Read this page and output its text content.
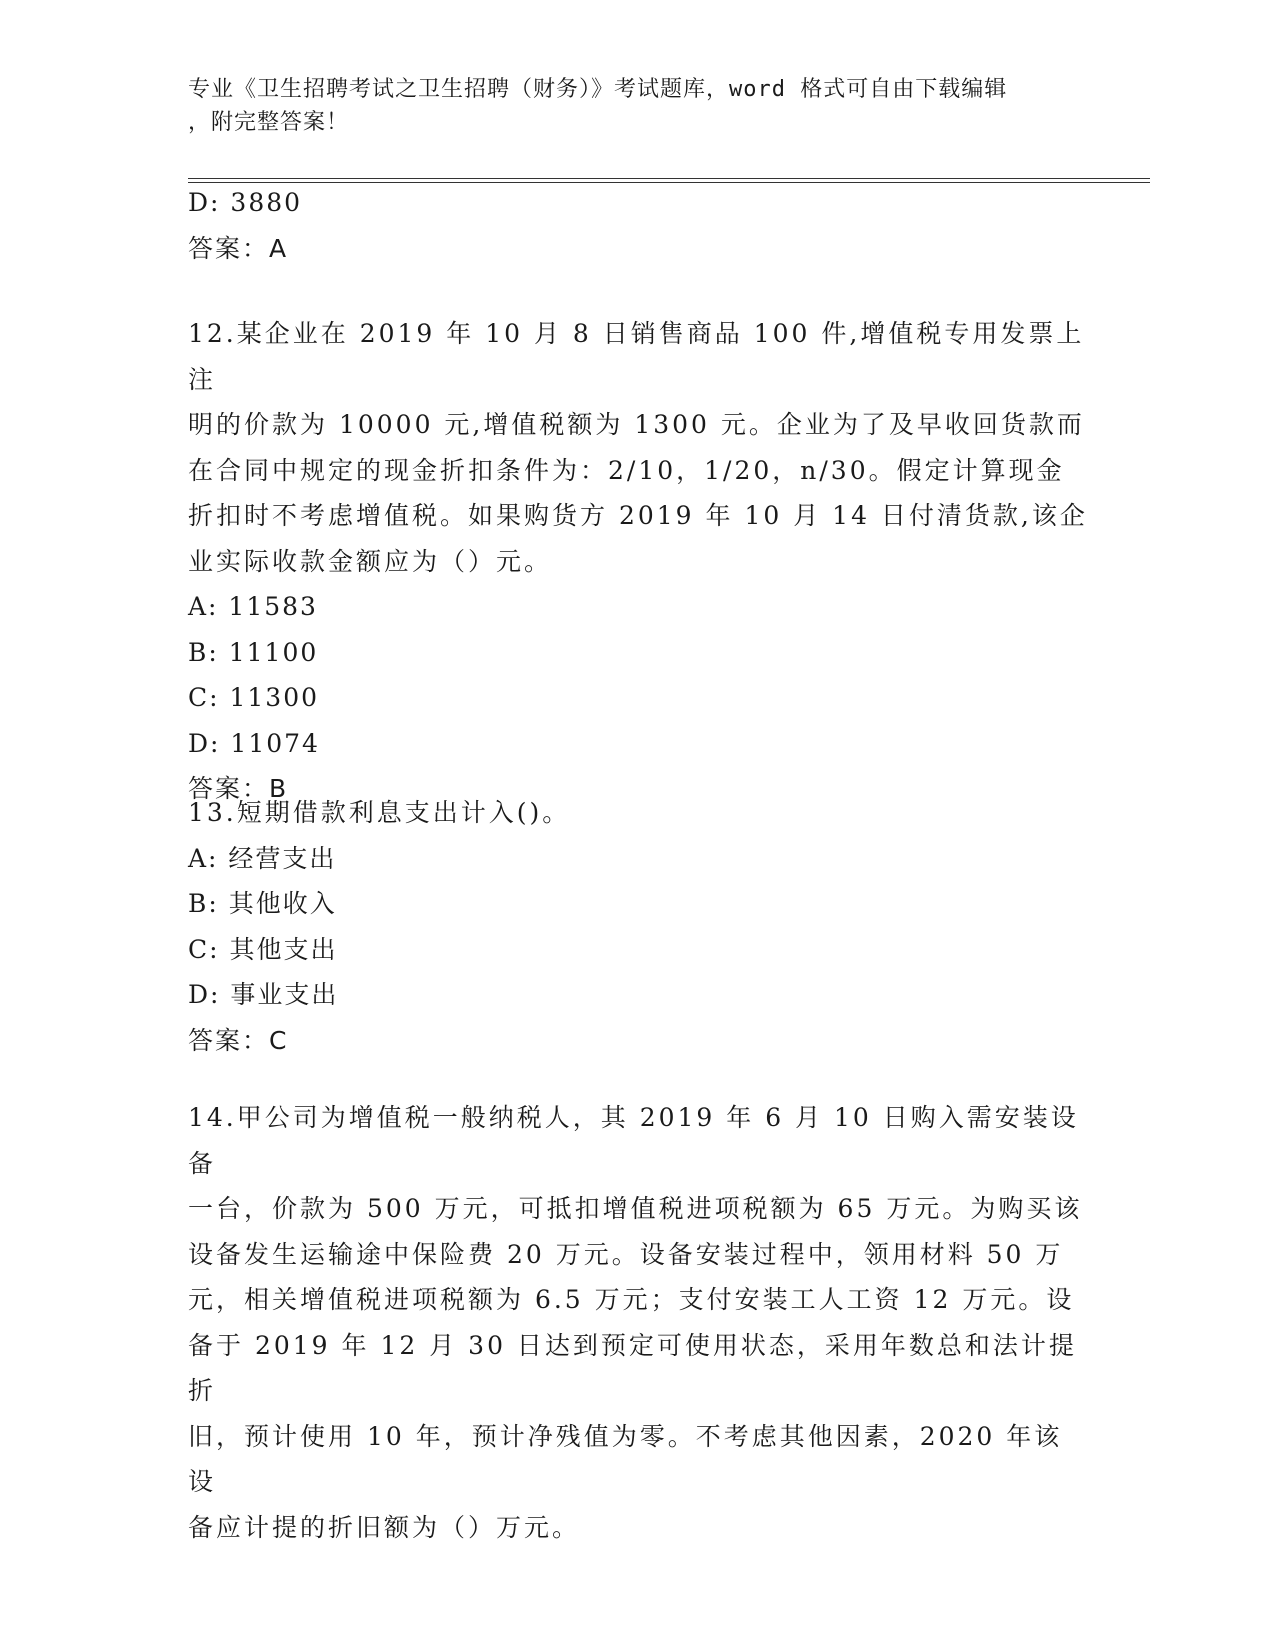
专业《卫生招聘考试之卫生招聘（财务）》考试题库，word 格式可自由下载编辑
，附完整答案！
D: 3880
答案：A
12.某企业在 2019 年 10 月 8 日销售商品 100 件,增值税专用发票上注
明的价款为 10000 元,增值税额为 1300 元。企业为了及早收回货款而
在合同中规定的现金折扣条件为：2/10，1/20，n/30。假定计算现金
折扣时不考虑增值税。如果购货方 2019 年 10 月 14 日付清货款,该企
业实际收款金额应为（）元。
A: 11583
B: 11100
C: 11300
D: 11074
答案：B
13.短期借款利息支出计入()。
A: 经营支出
B: 其他收入
C: 其他支出
D: 事业支出
答案：C
14.甲公司为增值税一般纳税人，其 2019 年 6 月 10 日购入需安装设备
一台，价款为 500 万元，可抵扣增值税进项税额为 65 万元。为购买该
设备发生运输途中保险费 20 万元。设备安装过程中，领用材料 50 万
元，相关增值税进项税额为 6.5 万元；支付安装工人工资 12 万元。设
备于 2019 年 12 月 30 日达到预定可使用状态，采用年数总和法计提折
旧，预计使用 10 年，预计净残值为零。不考虑其他因素，2020 年该设
备应计提的折旧额为（）万元。
